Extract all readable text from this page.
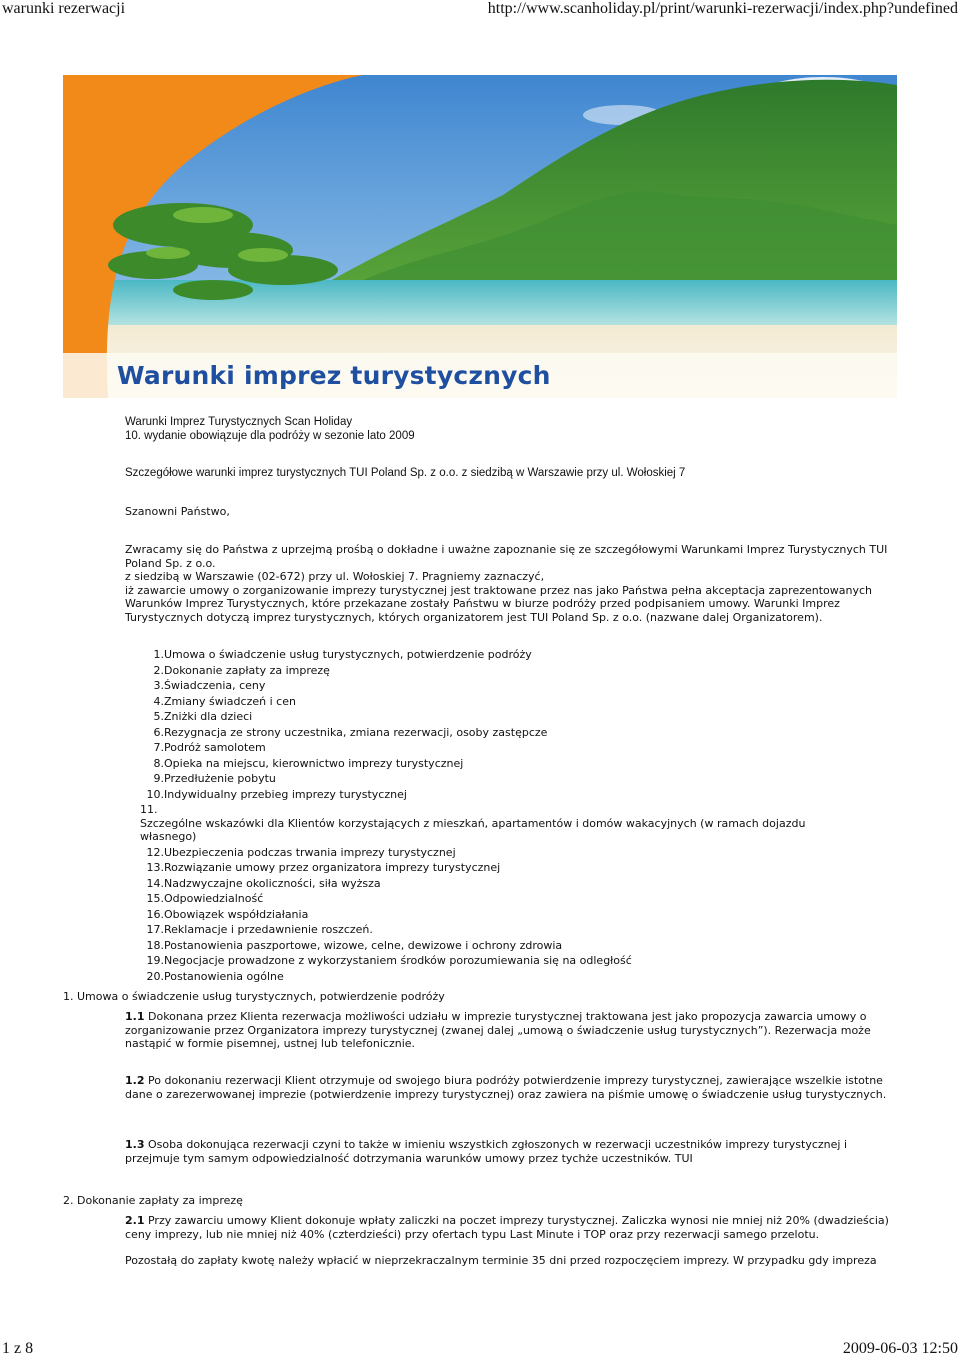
warunki rezerwacji	http://www.scanholiday.pl/print/warunki-rezerwacji/index.php?undefined
Warunki imprez turystycznych
Warunki Imprez Turystycznych Scan Holiday
10. wydanie obowiązuje dla podróży w sezonie lato 2009
Szczegółowe warunki imprez turystycznych TUI Poland Sp. z o.o. z siedzibą w Warszawie przy ul. Wołoskiej 7
Szanowni Państwo,
Zwracamy się do Państwa z uprzejmą prośbą o dokładne i uważne zapoznanie się ze szczegółowymi Warunkami Imprez Turystycznych TUI Poland Sp. z o.o.
z siedzibą w Warszawie (02-672) przy ul. Wołoskiej 7. Pragniemy zaznaczyć,
iż zawarcie umowy o zorganizowanie imprezy turystycznej jest traktowane przez nas jako Państwa pełna akceptacja zaprezentowanych Warunków Imprez Turystycznych, które przekazane zostały Państwu w biurze podróży przed podpisaniem umowy. Warunki Imprez Turystycznych dotyczą imprez turystycznych, których organizatorem jest TUI Poland Sp. z o.o. (nazwane dalej Organizatorem).
1. Umowa o świadczenie usług turystycznych, potwierdzenie podróży
2. Dokonanie zapłaty za imprezę
3. Świadczenia, ceny
4. Zmiany świadczeń i cen
5. Zniżki dla dzieci
6. Rezygnacja ze strony uczestnika, zmiana rezerwacji, osoby zastępcze
7. Podróż samolotem
8. Opieka na miejscu, kierownictwo imprezy turystycznej
9. Przedłużenie pobytu
10. Indywidualny przebieg imprezy turystycznej
11.Szczególne wskazówki dla Klientów korzystających z mieszkań, apartamentów i domów wakacyjnych (w ramach dojazdu własnego)
12. Ubezpieczenia podczas trwania imprezy turystycznej
13. Rozwiązanie umowy przez organizatora imprezy turystycznej
14. Nadzwyczajne okoliczności, siła wyższa
15. Odpowiedzialność
16. Obowiązek współdziałania
17. Reklamacje i przedawnienie roszczeń.
18. Postanowienia paszportowe, wizowe, celne, dewizowe i ochrony zdrowia
19. Negocjacje prowadzone z wykorzystaniem środków porozumiewania się na odległość
20. Postanowienia ogólne
1. Umowa o świadczenie usług turystycznych, potwierdzenie podróży
1.1 Dokonana przez Klienta rezerwacja możliwości udziału w imprezie turystycznej traktowana jest jako propozycja zawarcia umowy o zorganizowanie przez Organizatora imprezy turystycznej (zwanej dalej „umową o świadczenie usług turystycznych”). Rezerwacja może nastąpić w formie pisemnej, ustnej lub telefonicznie.
1.2 Po dokonaniu rezerwacji Klient otrzymuje od swojego biura podróży potwierdzenie imprezy turystycznej, zawierające wszelkie istotne dane o zarezerwowanej imprezie (potwierdzenie imprezy turystycznej) oraz zawiera na piśmie umowę o świadczenie usług turystycznych.
1.3 Osoba dokonująca rezerwacji czyni to także w imieniu wszystkich zgłoszonych w rezerwacji uczestników imprezy turystycznej i przejmuje tym samym odpowiedzialność dotrzymania warunków umowy przez tychże uczestników. TUI
2. Dokonanie zapłaty za imprezę
2.1 Przy zawarciu umowy Klient dokonuje wpłaty zaliczki na poczet imprezy turystycznej. Zaliczka wynosi nie mniej niż 20% (dwadzieścia) ceny imprezy, lub nie mniej niż 40% (czterdzieści) przy ofertach typu Last Minute i TOP oraz przy rezerwacji samego przelotu.
Pozostałą do zapłaty kwotę należy wpłacić w nieprzekraczalnym terminie 35 dni przed rozpoczęciem imprezy. W przypadku gdy impreza
1 z 8	2009-06-03 12:50
